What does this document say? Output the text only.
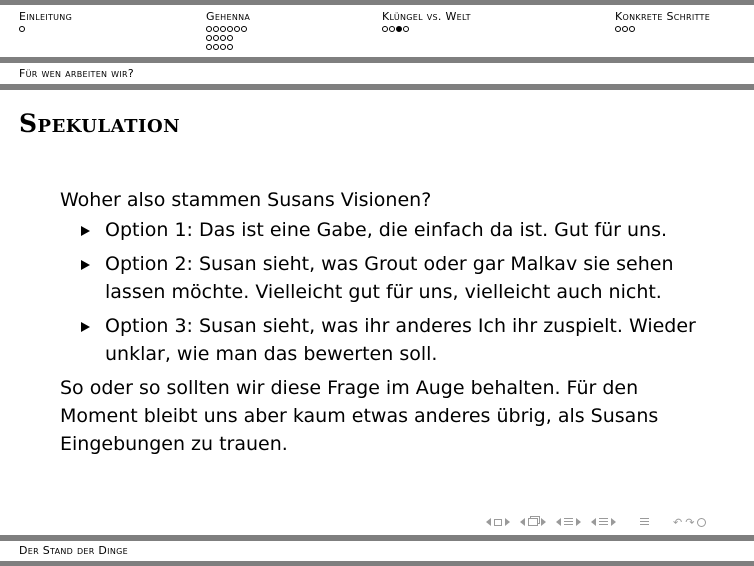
Einleitung	Gehenna	Klüngel vs. Welt	Konkrete Schritte
Für wen arbeiten wir?
Spekulation

Woher also stammen Susans Visionen?

Option 1: Das ist eine Gabe, die einfach da ist. Gut für uns.
Option 2: Susan sieht, was Grout oder gar Malkav sie sehen lassen möchte. Vielleicht gut für uns, vielleicht auch nicht.
Option 3: Susan sieht, was ihr anderes Ich ihr zuspielt. Wieder unklar, wie man das bewerten soll.

So oder so sollten wir diese Frage im Auge behalten. Für den Moment bleibt uns aber kaum etwas anderes übrig, als Susans Eingebungen zu trauen.

↶ ↷
Der Stand der Dinge
